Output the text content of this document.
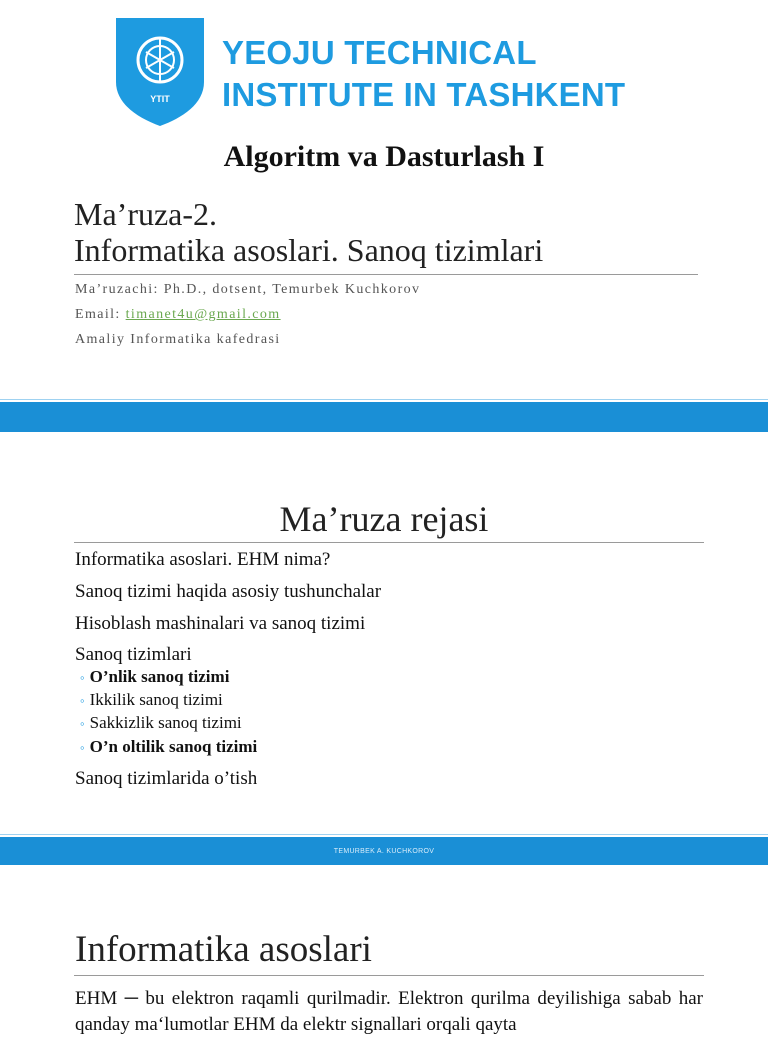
YTIT
YEOJU TECHNICAL
INSTITUTE IN TASHKENT
Algoritm va Dasturlash I
Ma’ruza-2.
Informatika asoslari. Sanoq tizimlari
Ma’ruzachi: Ph.D., dotsent, Temurbek Kuchkorov
Email: timanet4u@gmail.com
Amaliy Informatika kafedrasi
Ma’ruza rejasi
Informatika asoslari. EHM nima?
Sanoq tizimi haqida asosiy tushunchalar
Hisoblash mashinalari va sanoq tizimi
Sanoq tizimlari
◦ O’nlik sanoq tizimi
◦ Ikkilik sanoq tizimi
◦ Sakkizlik sanoq tizimi
◦ O’n oltilik sanoq tizimi
Sanoq tizimlarida o’tish
TEMURBEK A. KUCHKOROV
Informatika asoslari
EHM ─ bu elektron raqamli qurilmadir. Elektron qurilma deyilishiga sabab har qanday ma‘lumotlar EHM da elektr signallari orqali qayta
